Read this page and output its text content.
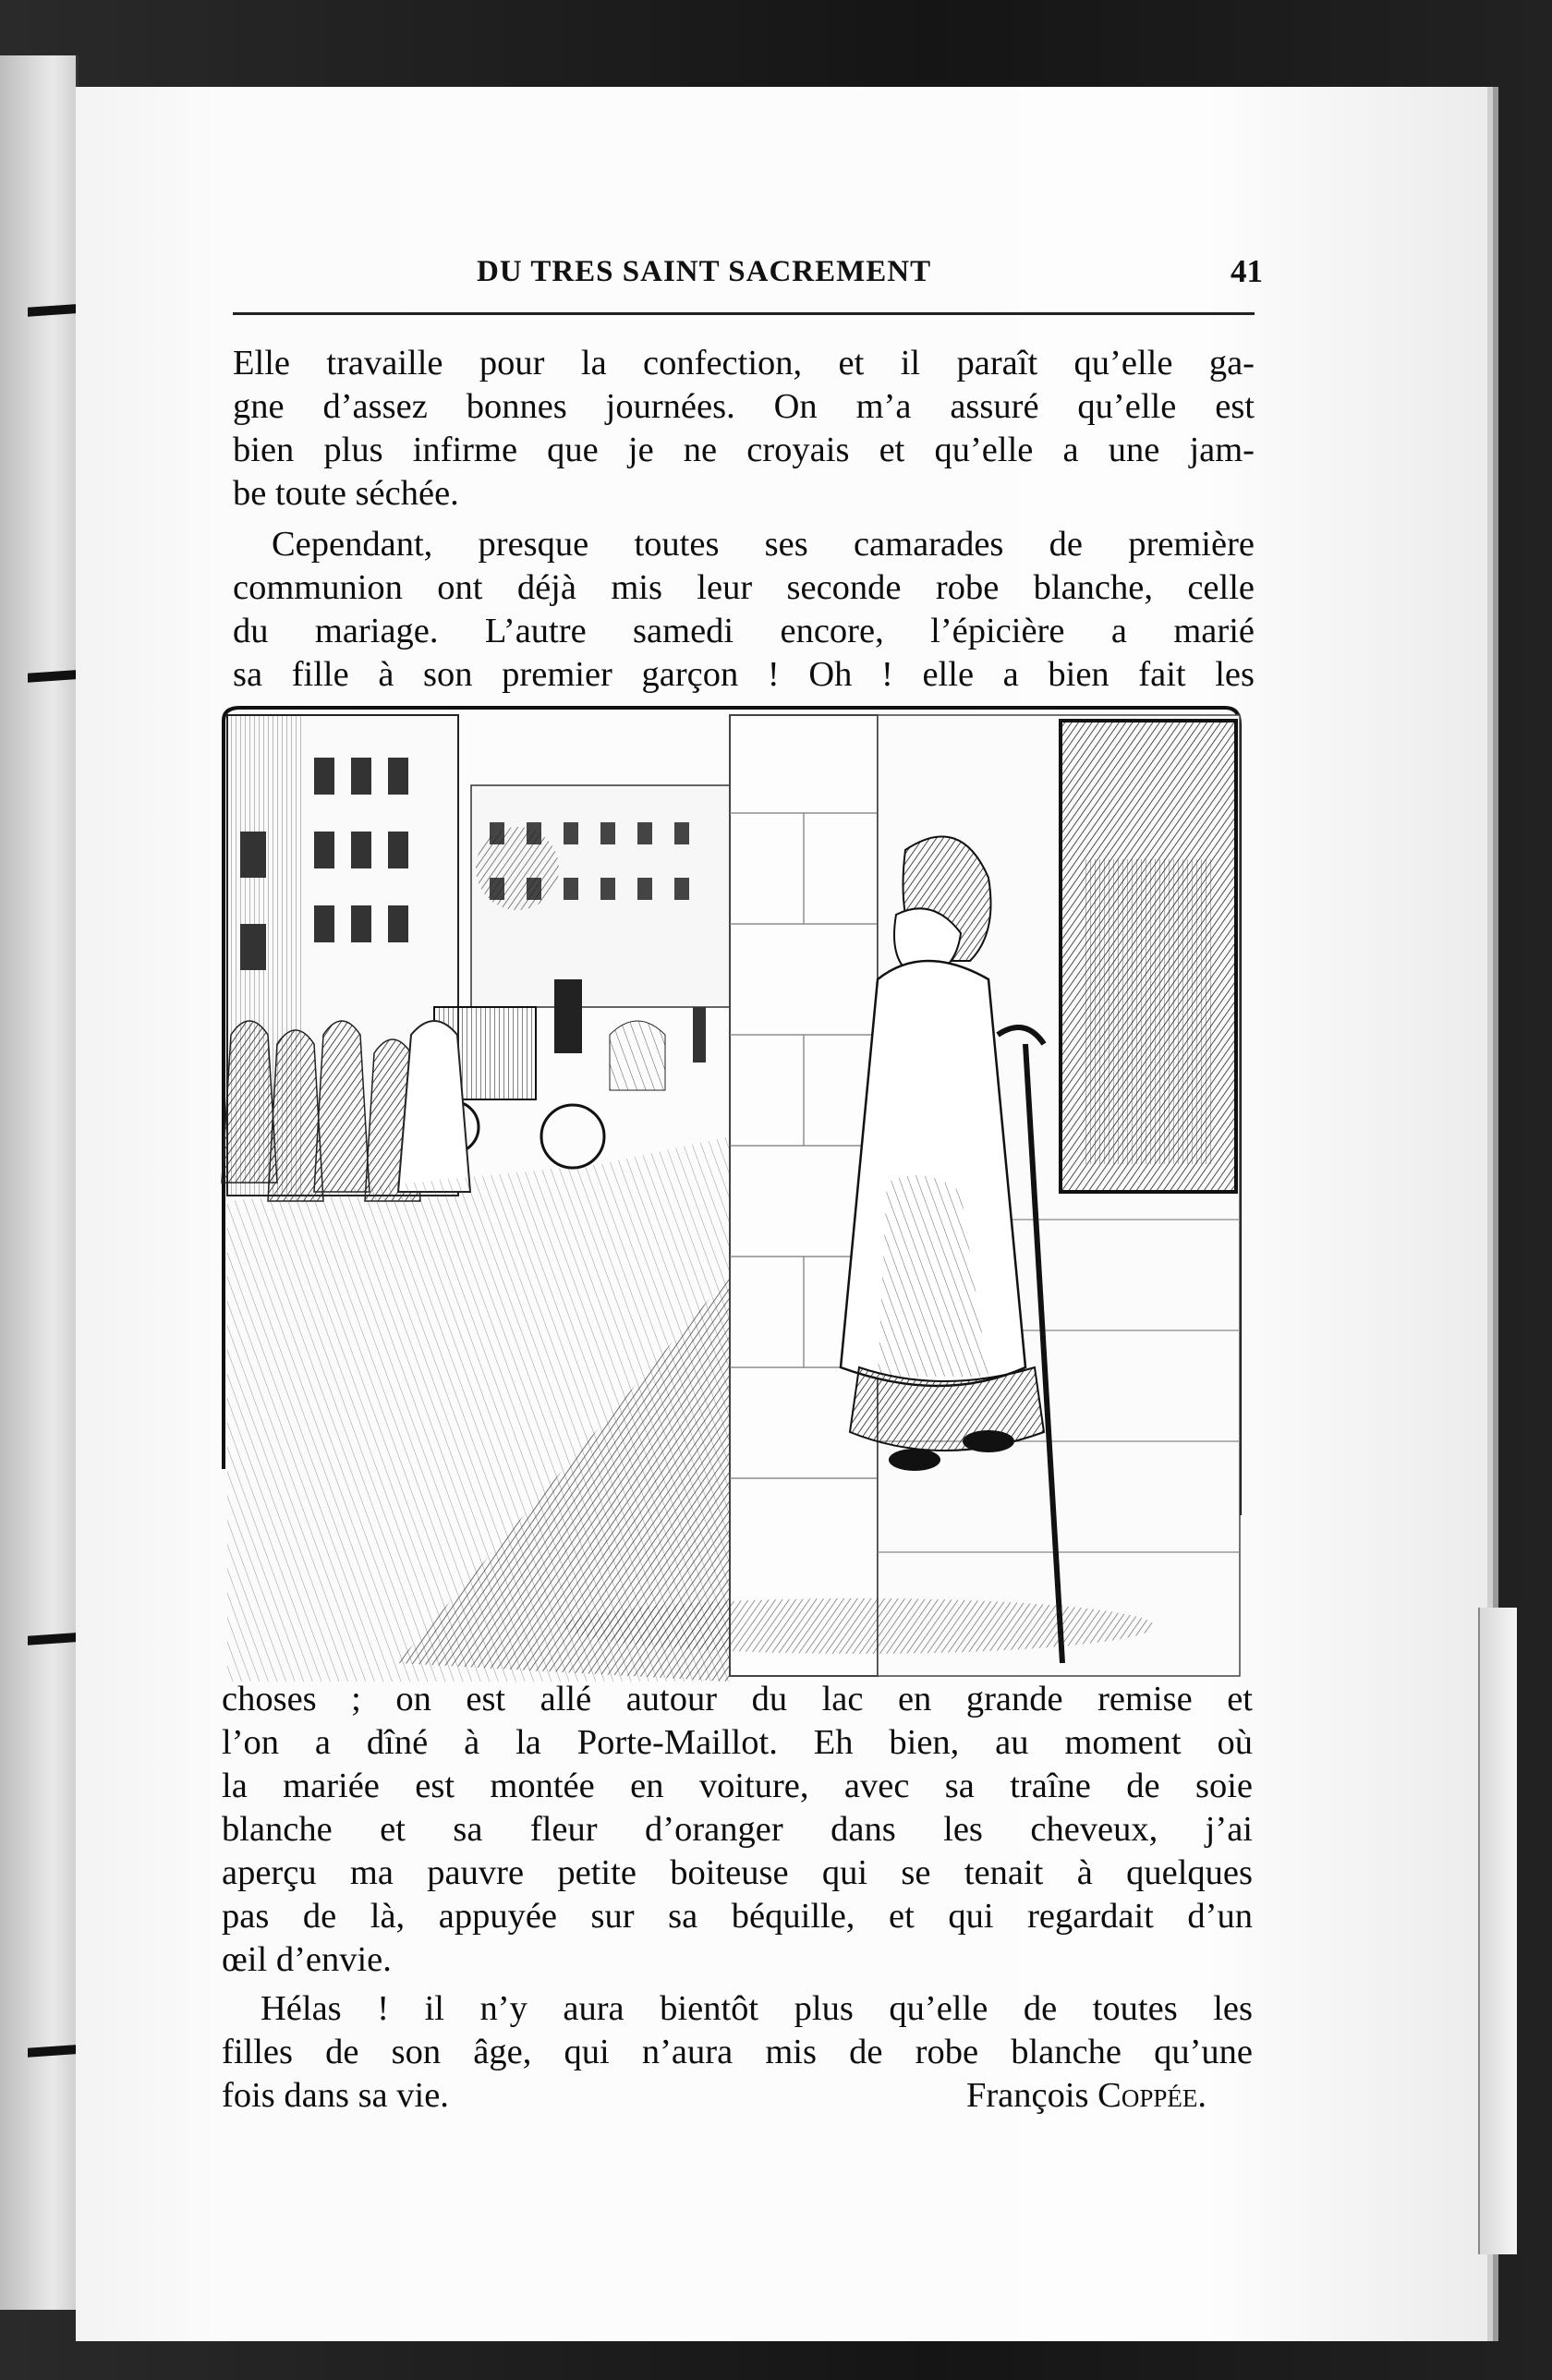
DU TRES SAINT SACREMENT	41

Elle travaille pour la confection, et il paraît qu’elle ga-
gne d’assez bonnes journées. On m’a assuré qu’elle est
bien plus infirme que je ne croyais et qu’elle a une jam-
be toute séchée.

Cependant, presque toutes ses camarades de première
communion ont déjà mis leur seconde robe blanche, celle
du mariage. L’autre samedi encore, l’épicière a marié
sa fille à son premier garçon ! Oh ! elle a bien fait les

choses ; on est allé autour du lac en grande remise et
l’on a dîné à la Porte-Maillot. Eh bien, au moment où
la mariée est montée en voiture, avec sa traîne de soie
blanche et sa fleur d’oranger dans les cheveux, j’ai
aperçu ma pauvre petite boiteuse qui se tenait à quelques
pas de là, appuyée sur sa béquille, et qui regardait d’un
œil d’envie.

Hélas ! il n’y aura bientôt plus qu’elle de toutes les
filles de son âge, qui n’aura mis de robe blanche qu’une
fois dans sa vie.	François Coppée.
